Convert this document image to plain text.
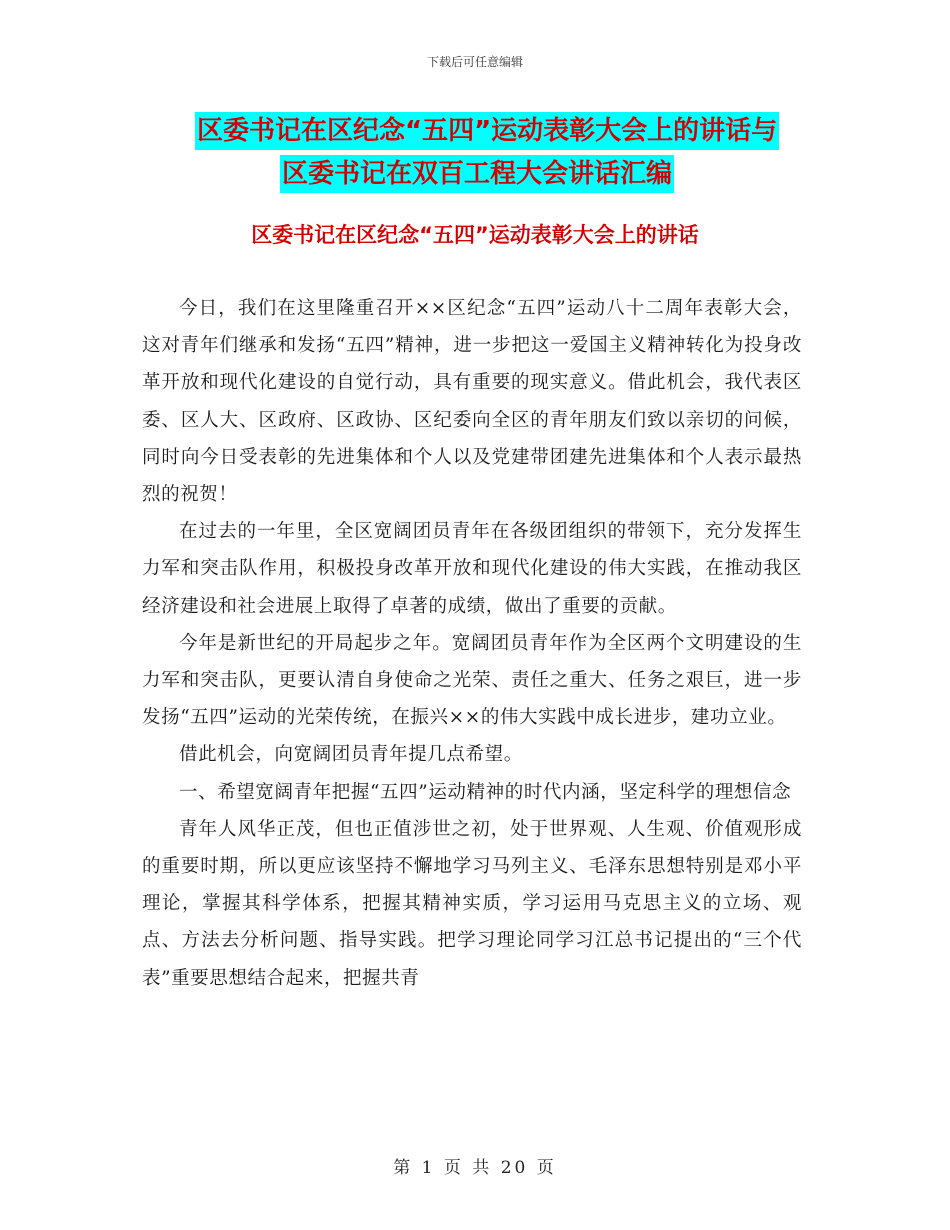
下载后可任意编辑
区委书记在区纪念“五四”运动表彰大会上的讲话与
区委书记在双百工程大会讲话汇编
区委书记在区纪念“五四”运动表彰大会上的讲话

今日，我们在这里隆重召开××区纪念“五四”运动八十二周年表彰大会，这对青年们继承和发扬“五四”精神，进一步把这一爱国主义精神转化为投身改革开放和现代化建设的自觉行动，具有重要的现实意义。借此机会，我代表区委、区人大、区政府、区政协、区纪委向全区的青年朋友们致以亲切的问候，同时向今日受表彰的先进集体和个人以及党建带团建先进集体和个人表示最热烈的祝贺！

在过去的一年里，全区宽阔团员青年在各级团组织的带领下，充分发挥生力军和突击队作用，积极投身改革开放和现代化建设的伟大实践，在推动我区经济建设和社会进展上取得了卓著的成绩，做出了重要的贡献。

今年是新世纪的开局起步之年。宽阔团员青年作为全区两个文明建设的生力军和突击队，更要认清自身使命之光荣、责任之重大、任务之艰巨，进一步发扬“五四”运动的光荣传统，在振兴××的伟大实践中成长进步，建功立业。

借此机会，向宽阔团员青年提几点希望。

一、希望宽阔青年把握“五四”运动精神的时代内涵，坚定科学的理想信念

青年人风华正茂，但也正值涉世之初，处于世界观、人生观、价值观形成的重要时期，所以更应该坚持不懈地学习马列主义、毛泽东思想特别是邓小平理论，掌握其科学体系，把握其精神实质，学习运用马克思主义的立场、观点、方法去分析问题、指导实践。把学习理论同学习江总书记提出的“三个代表”重要思想结合起来，把握共青

第 1 页 共 20 页
